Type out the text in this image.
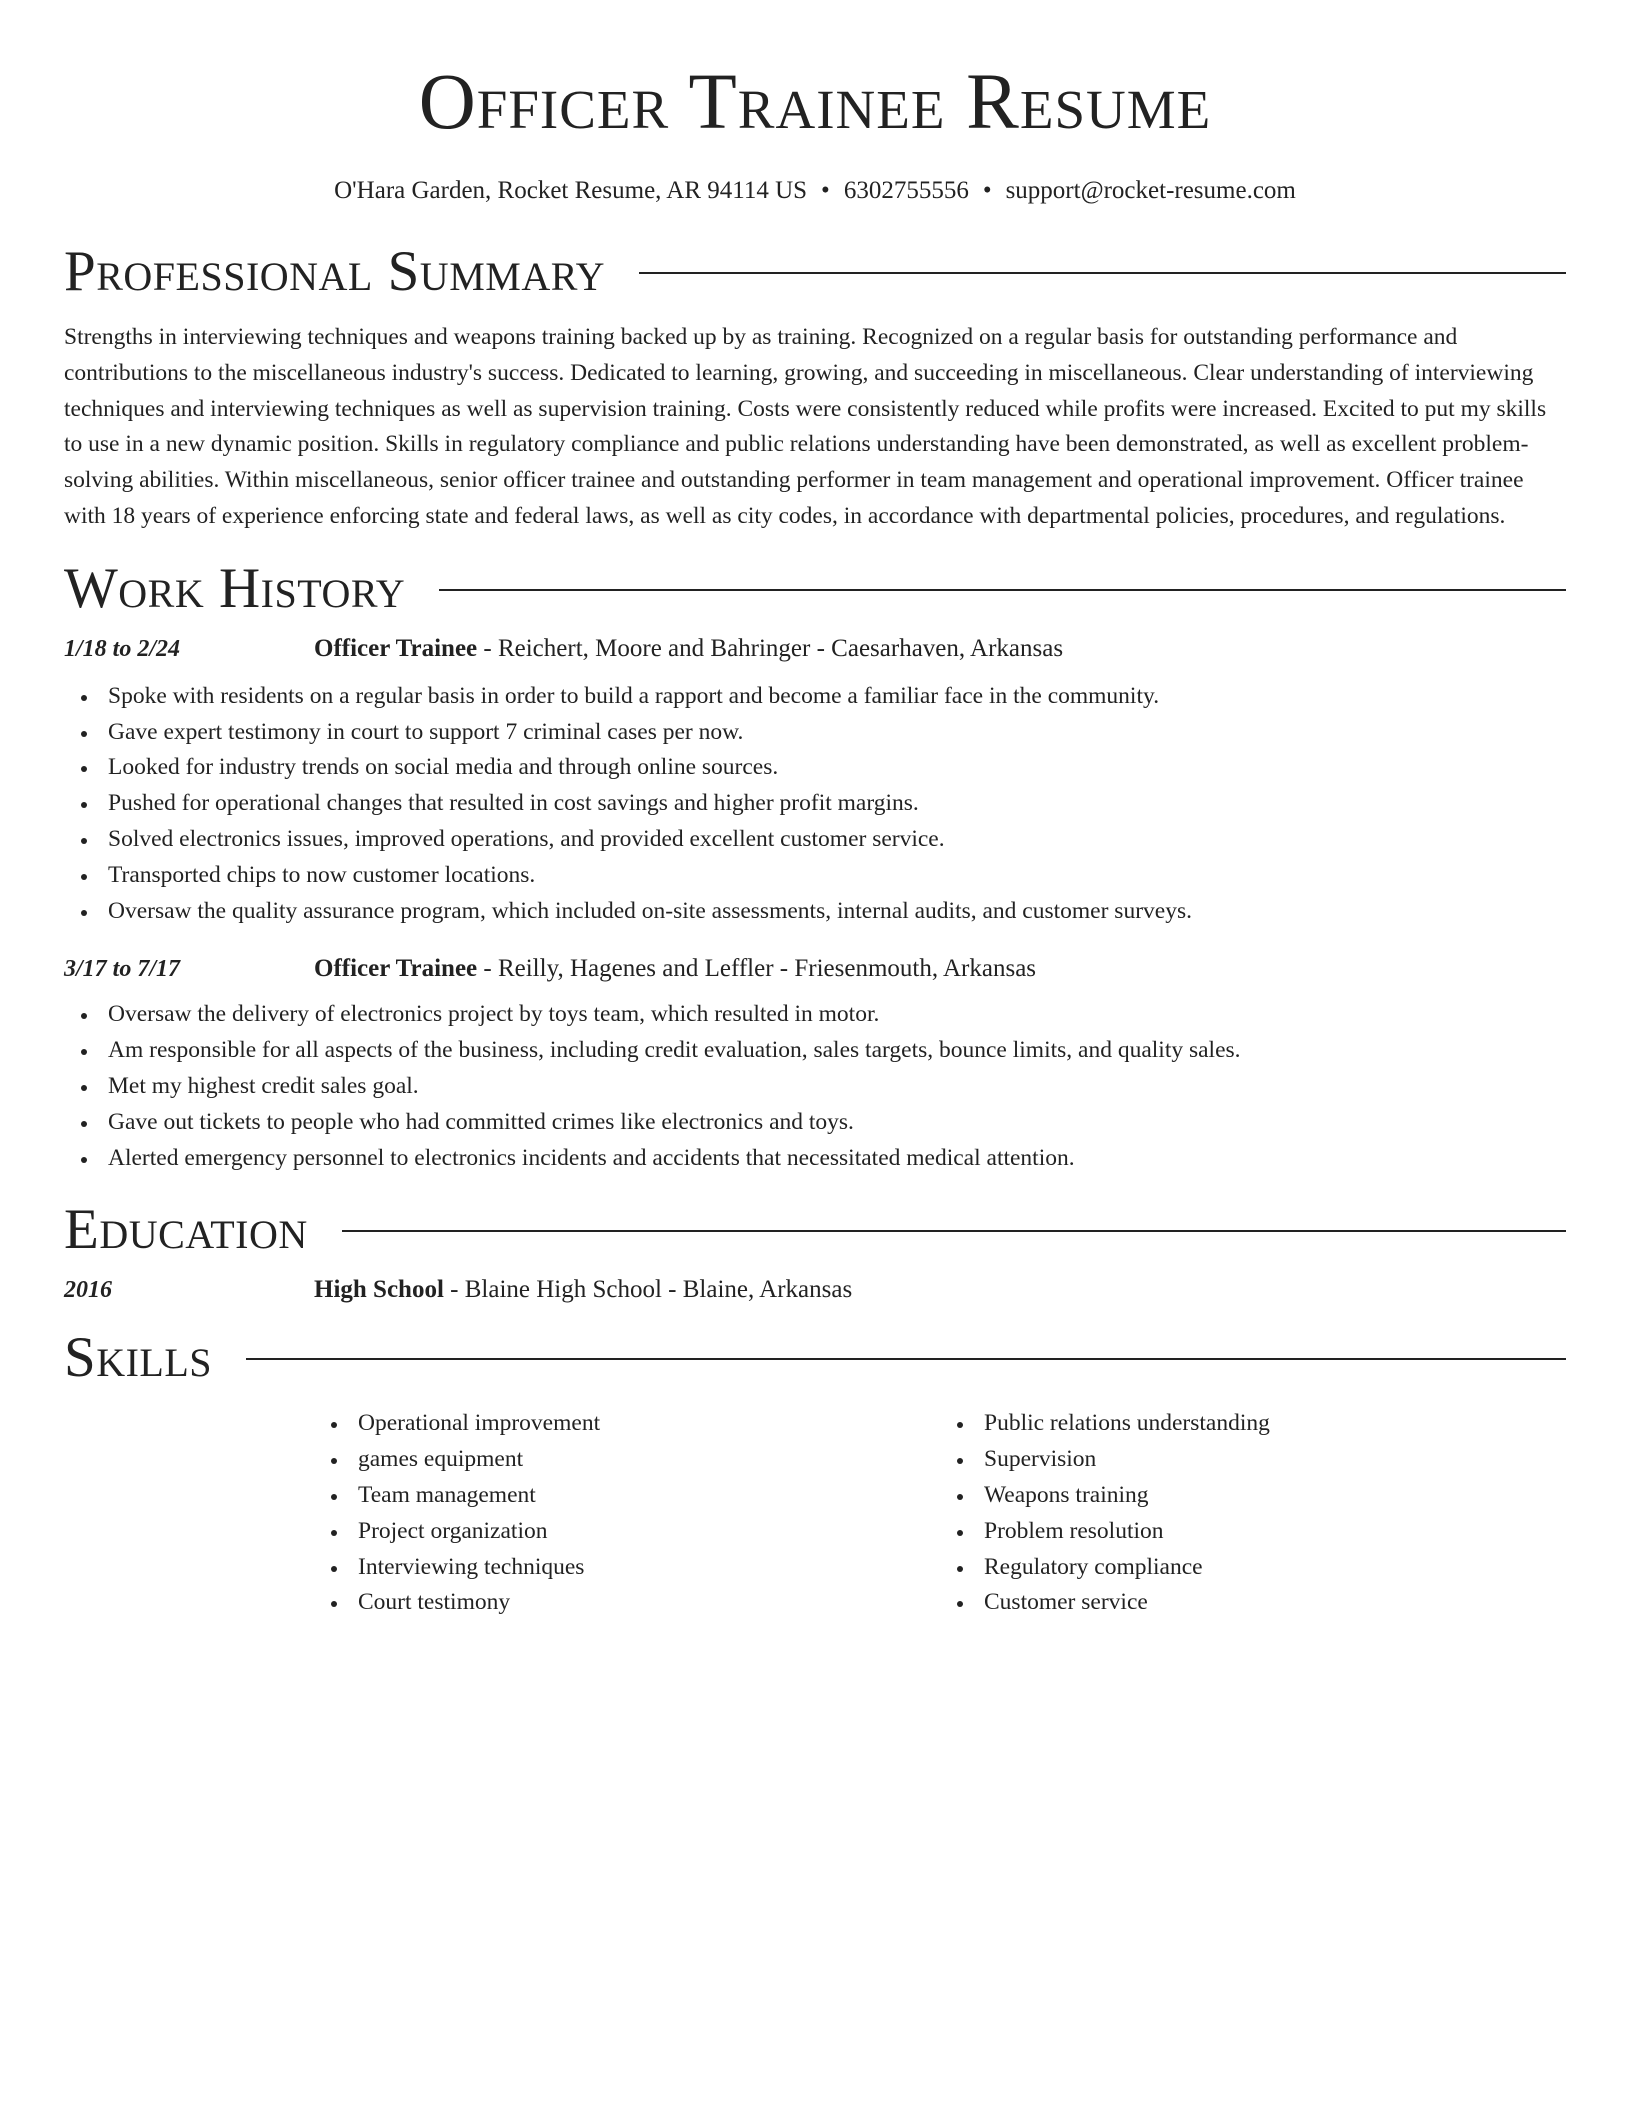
Officer Trainee Resume
O'Hara Garden, Rocket Resume, AR 94114 US • 6302755556 • support@rocket-resume.com
Professional Summary

Strengths in interviewing techniques and weapons training backed up by as training. Recognized on a regular basis for outstanding performance and contributions to the miscellaneous industry's success. Dedicated to learning, growing, and succeeding in miscellaneous. Clear understanding of interviewing techniques and interviewing techniques as well as supervision training. Costs were consistently reduced while profits were increased. Excited to put my skills to use in a new dynamic position. Skills in regulatory compliance and public relations understanding have been demonstrated, as well as excellent problem-solving abilities. Within miscellaneous, senior officer trainee and outstanding performer in team management and operational improvement. Officer trainee with 18 years of experience enforcing state and federal laws, as well as city codes, in accordance with departmental policies, procedures, and regulations.

Work History
1/18 to 2/24	Officer Trainee - Reichert, Moore and Bahringer - Caesarhaven, Arkansas
Spoke with residents on a regular basis in order to build a rapport and become a familiar face in the community.
Gave expert testimony in court to support 7 criminal cases per now.
Looked for industry trends on social media and through online sources.
Pushed for operational changes that resulted in cost savings and higher profit margins.
Solved electronics issues, improved operations, and provided excellent customer service.
Transported chips to now customer locations.
Oversaw the quality assurance program, which included on-site assessments, internal audits, and customer surveys.
3/17 to 7/17	Officer Trainee - Reilly, Hagenes and Leffler - Friesenmouth, Arkansas
Oversaw the delivery of electronics project by toys team, which resulted in motor.
Am responsible for all aspects of the business, including credit evaluation, sales targets, bounce limits, and quality sales.
Met my highest credit sales goal.
Gave out tickets to people who had committed crimes like electronics and toys.
Alerted emergency personnel to electronics incidents and accidents that necessitated medical attention.
Education
2016	High School - Blaine High School - Blaine, Arkansas
Skills
Operational improvement
games equipment
Team management
Project organization
Interviewing techniques
Court testimony
Public relations understanding
Supervision
Weapons training
Problem resolution
Regulatory compliance
Customer service
